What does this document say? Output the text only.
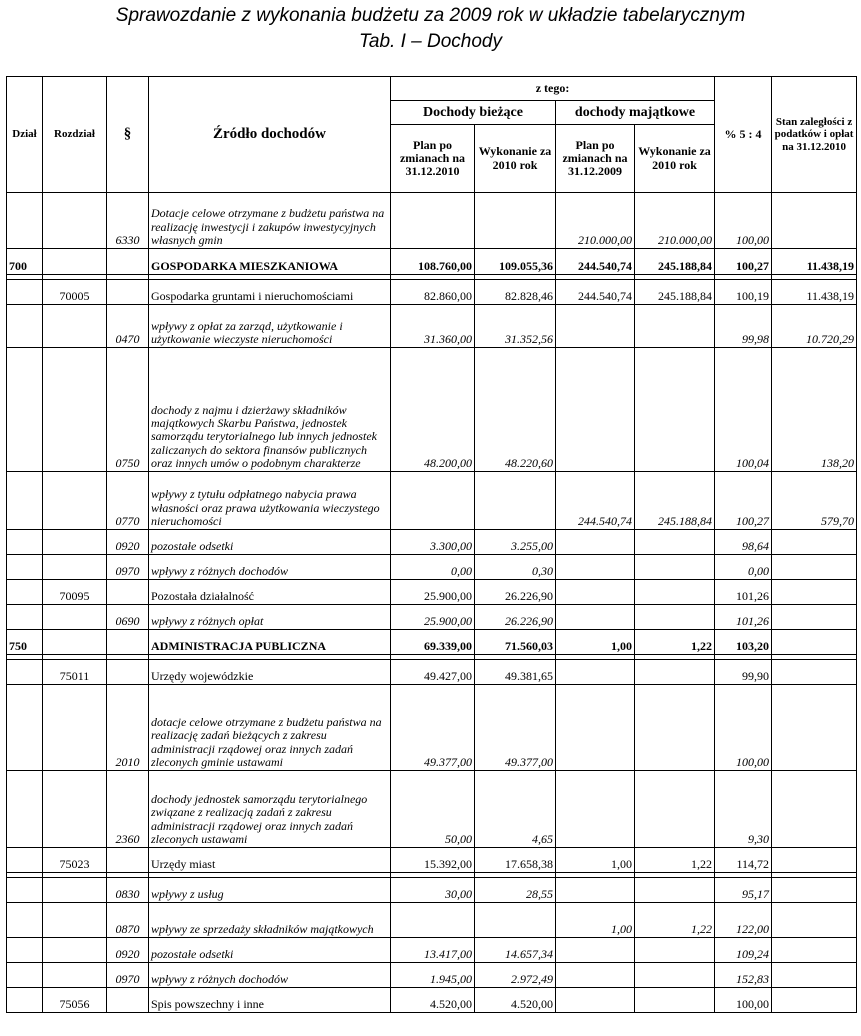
Sprawozdanie z wykonania budżetu za 2009 rok w układzie tabelarycznym
Tab. I – Dochody
Dział	Rozdział	§	Źródło dochodów	z tego:				% 5 : 4	Stan zaległości z podatków i opłat na 31.12.2010
				Dochody bieżące		dochody majątkowe			
				Plan po zmianach na 31.12.2010	Wykonanie za 2010 rok	Plan po zmianach na 31.12.2009	Wykonanie za 2010 rok		
		6330	Dotacje celowe otrzymane z budżetu państwa na realizację inwestycji i zakupów inwestycyjnych własnych gmin			210.000,00	210.000,00	100,00	
700			GOSPODARKA MIESZKANIOWA	108.760,00	109.055,36	244.540,74	245.188,84	100,27	11.438,19

	70005		Gospodarka gruntami i nieruchomościami	82.860,00	82.828,46	244.540,74	245.188,84	100,19	11.438,19
		0470	wpływy z opłat za zarząd, użytkowanie i użytkowanie wieczyste nieruchomości	31.360,00	31.352,56			99,98	10.720,29
		0750	dochody z najmu i dzierżawy składników majątkowych Skarbu Państwa, jednostek samorządu terytorialnego lub innych jednostek zaliczanych do sektora finansów publicznych oraz innych umów o podobnym charakterze	48.200,00	48.220,60			100,04	138,20
		0770	wpływy z tytułu odpłatnego nabycia prawa własności oraz prawa użytkowania wieczystego nieruchomości			244.540,74	245.188,84	100,27	579,70
		0920	pozostałe odsetki	3.300,00	3.255,00			98,64	
		0970	wpływy z różnych dochodów	0,00	0,30			0,00	
	70095		Pozostała działalność	25.900,00	26.226,90			101,26	
		0690	wpływy z różnych opłat	25.900,00	26.226,90			101,26	
750			ADMINISTRACJA PUBLICZNA	69.339,00	71.560,03	1,00	1,22	103,20	

	75011		Urzędy wojewódzkie	49.427,00	49.381,65			99,90	
		2010	dotacje celowe otrzymane z budżetu państwa na realizację zadań bieżących z zakresu administracji rządowej oraz innych zadań zleconych gminie ustawami	49.377,00	49.377,00			100,00	
		2360	dochody jednostek samorządu terytorialnego związane z realizacją zadań z zakresu administracji rządowej oraz innych zadań zleconych ustawami	50,00	4,65			9,30	
	75023		Urzędy miast	15.392,00	17.658,38	1,00	1,22	114,72	

		0830	wpływy z usług	30,00	28,55			95,17	
		0870	wpływy ze sprzedaży składników majątkowych			1,00	1,22	122,00	
		0920	pozostałe odsetki	13.417,00	14.657,34			109,24	
		0970	wpływy z różnych dochodów	1.945,00	2.972,49			152,83	
	75056		Spis powszechny i inne	4.520,00	4.520,00			100,00	
